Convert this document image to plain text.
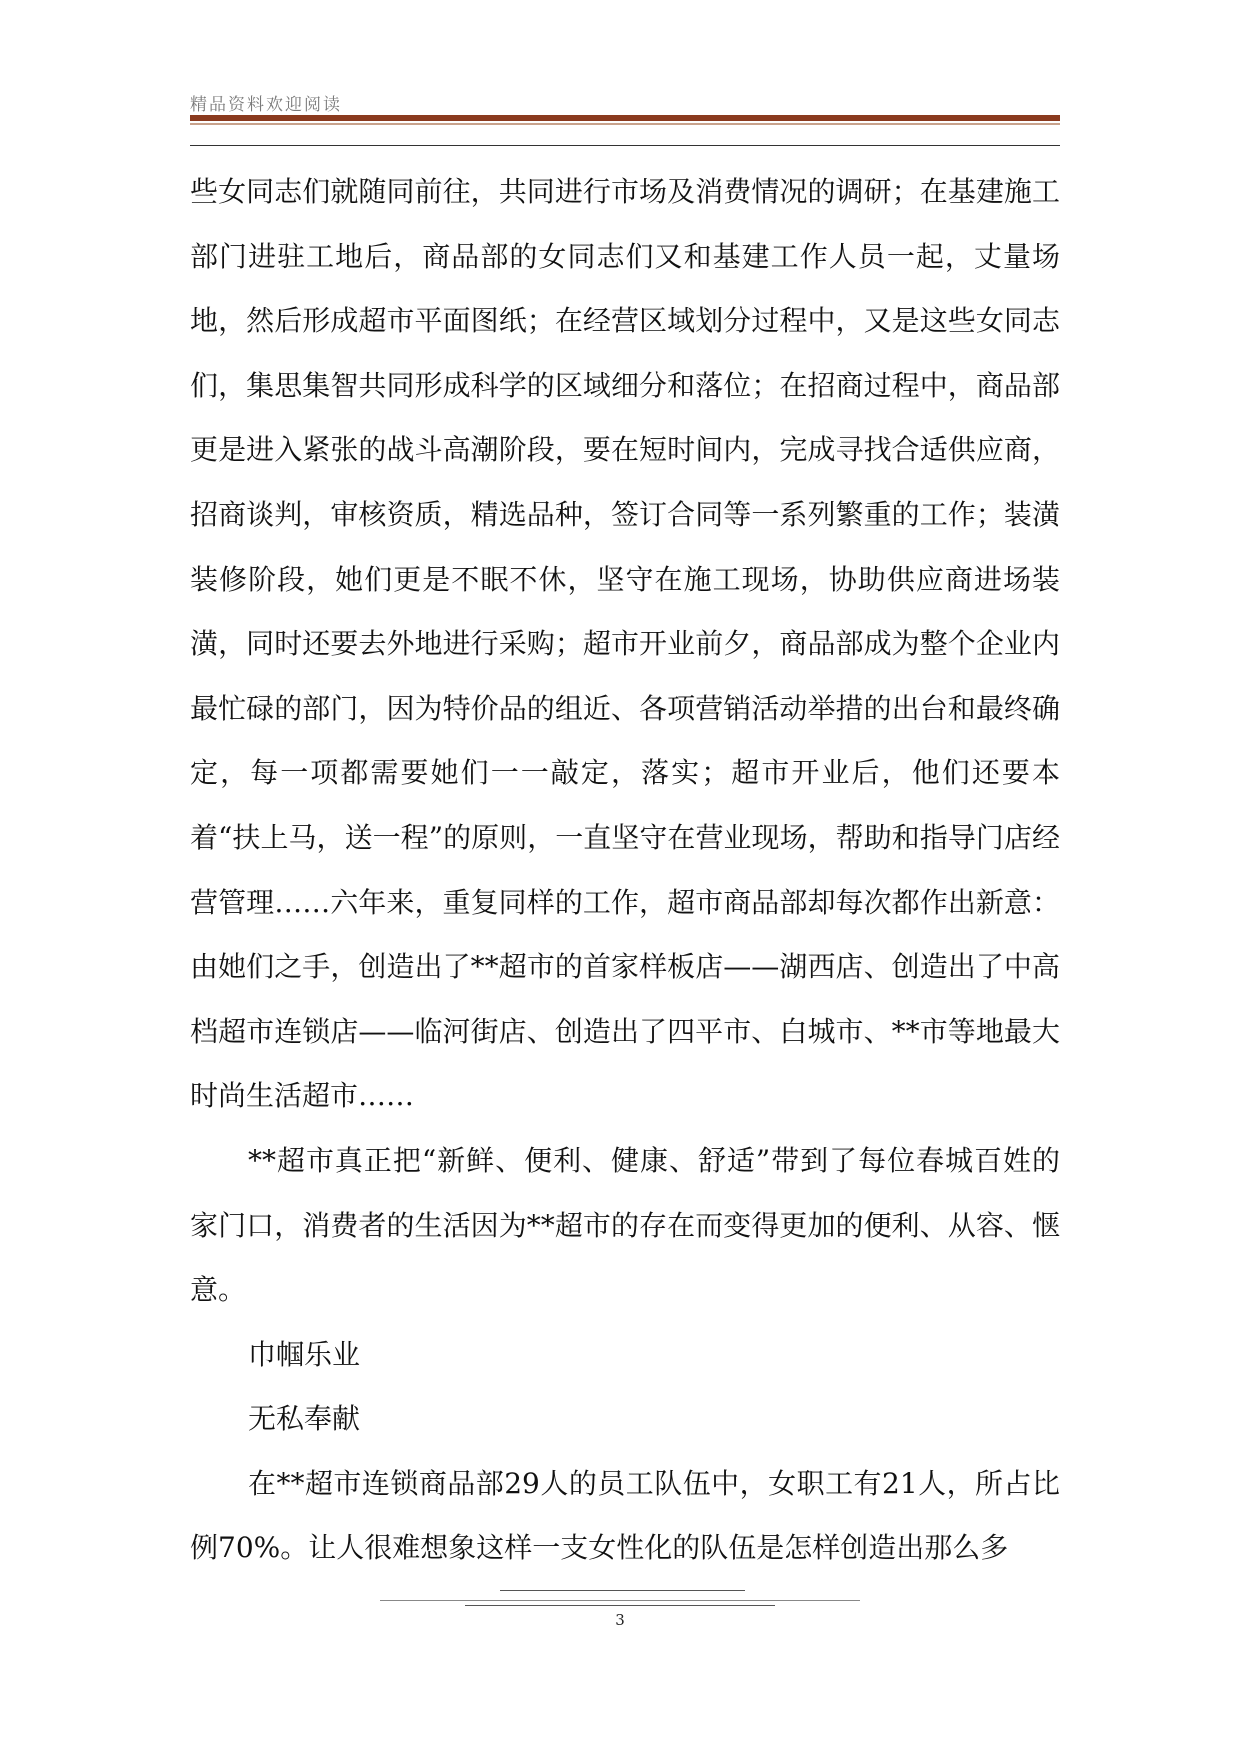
精品资料欢迎阅读

些女同志们就随同前往，共同进行市场及消费情况的调研；在基建施工部门进驻工地后，商品部的女同志们又和基建工作人员一起，丈量场地，然后形成超市平面图纸；在经营区域划分过程中，又是这些女同志们，集思集智共同形成科学的区域细分和落位；在招商过程中，商品部更是进入紧张的战斗高潮阶段，要在短时间内，完成寻找合适供应商，招商谈判，审核资质，精选品种，签订合同等一系列繁重的工作；装潢装修阶段，她们更是不眠不休，坚守在施工现场，协助供应商进场装潢，同时还要去外地进行采购；超市开业前夕，商品部成为整个企业内最忙碌的部门，因为特价品的组近、各项营销活动举措的出台和最终确定，每一项都需要她们一一敲定，落实；超市开业后，他们还要本着“扶上马，送一程”的原则，一直坚守在营业现场，帮助和指导门店经营管理……六年来，重复同样的工作，超市商品部却每次都作出新意：由她们之手，创造出了**超市的首家样板店——湖西店、创造出了中高档超市连锁店——临河街店、创造出了四平市、白城市、**市等地最大时尚生活超市……

**超市真正把“新鲜、便利、健康、舒适”带到了每位春城百姓的家门口，消费者的生活因为**超市的存在而变得更加的便利、从容、惬意。

巾帼乐业

无私奉献

在**超市连锁商品部29人的员工队伍中，女职工有21人，所占比例70%。让人很难想象这样一支女性化的队伍是怎样创造出那么多

3
